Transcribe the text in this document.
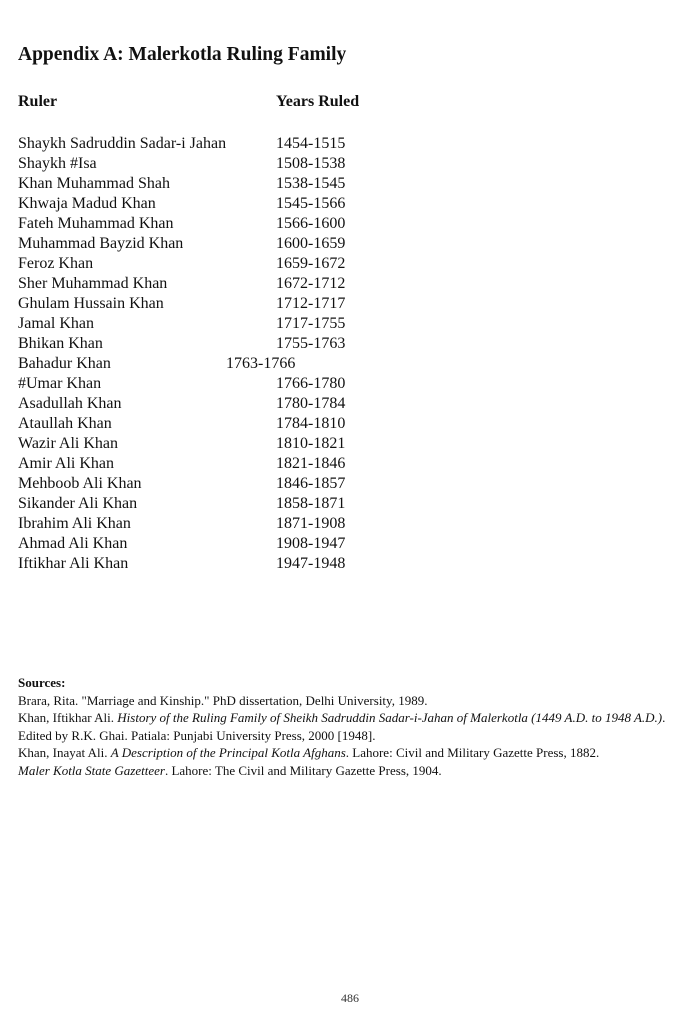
Appendix A: Malerkotla Ruling Family
Ruler	Years Ruled
Shaykh Sadruddin Sadar-i Jahan	1454-1515
Shaykh #Isa	1508-1538
Khan Muhammad Shah	1538-1545
Khwaja Madud Khan	1545-1566
Fateh Muhammad Khan	1566-1600
Muhammad Bayzid Khan	1600-1659
Feroz Khan	1659-1672
Sher Muhammad Khan	1672-1712
Ghulam Hussain Khan	1712-1717
Jamal Khan	1717-1755
Bhikan Khan	1755-1763
Bahadur Khan	1763-1766
#Umar Khan	1766-1780
Asadullah Khan	1780-1784
Ataullah Khan	1784-1810
Wazir Ali Khan	1810-1821
Amir Ali Khan	1821-1846
Mehboob Ali Khan	1846-1857
Sikander Ali Khan	1858-1871
Ibrahim Ali Khan	1871-1908
Ahmad Ali Khan	1908-1947
Iftikhar Ali Khan	1947-1948
Sources:

Brara, Rita. "Marriage and Kinship." PhD dissertation, Delhi University, 1989.

Khan, Iftikhar Ali. History of the Ruling Family of Sheikh Sadruddin Sadar-i-Jahan of Malerkotla (1449 A.D. to 1948 A.D.). Edited by R.K. Ghai. Patiala: Punjabi University Press, 2000 [1948].

Khan, Inayat Ali. A Description of the Principal Kotla Afghans. Lahore: Civil and Military Gazette Press, 1882.

Maler Kotla State Gazetteer. Lahore: The Civil and Military Gazette Press, 1904.

486
